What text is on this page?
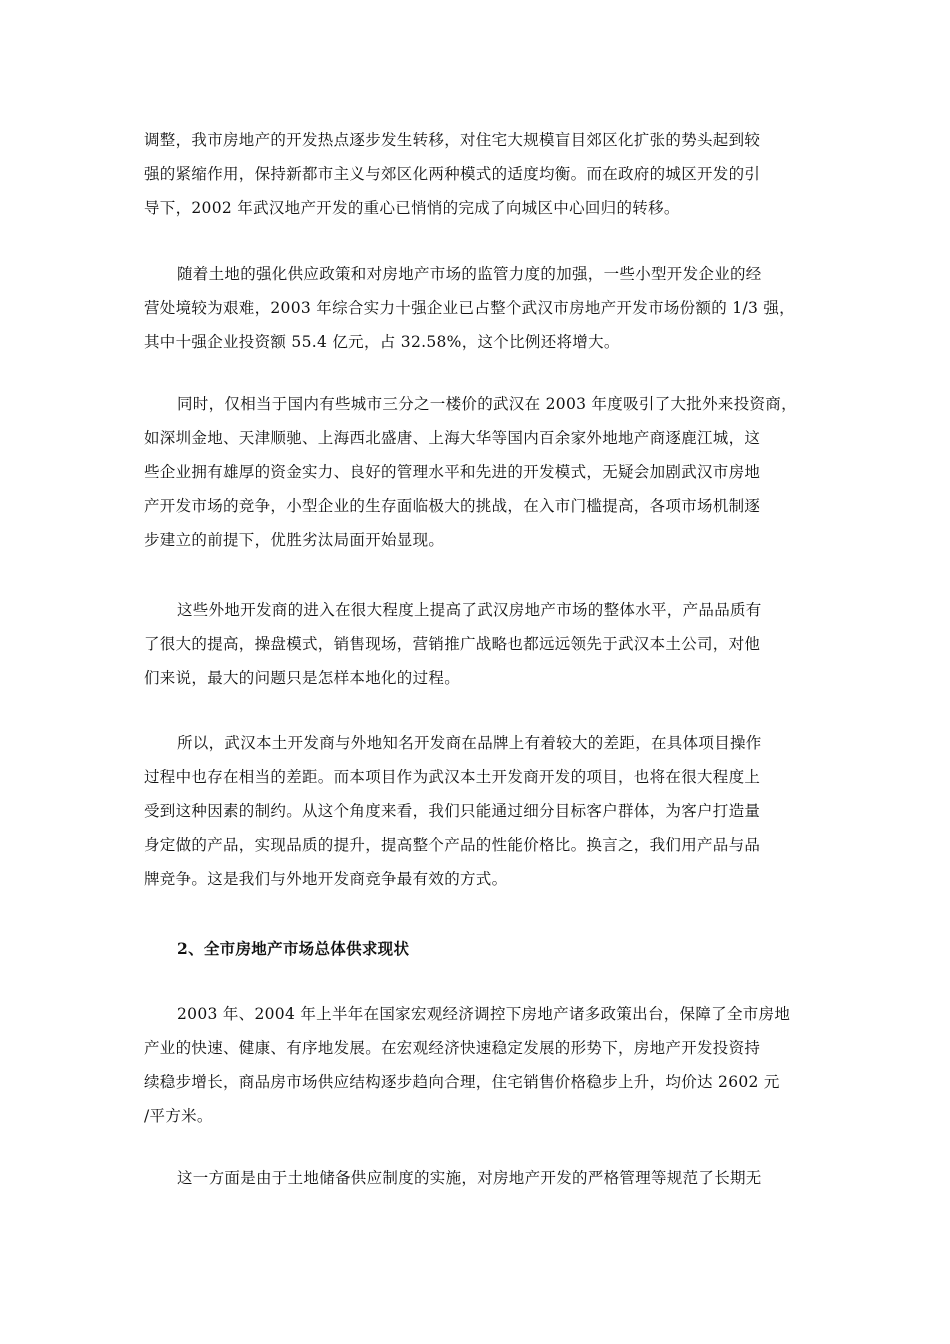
调整，我市房地产的开发热点逐步发生转移，对住宅大规模盲目郊区化扩张的势头起到较
强的紧缩作用，保持新都市主义与郊区化两种模式的适度均衡。而在政府的城区开发的引
导下，2002 年武汉地产开发的重心已悄悄的完成了向城区中心回归的转移。
随着土地的强化供应政策和对房地产市场的监管力度的加强，一些小型开发企业的经
营处境较为艰难，2003 年综合实力十强企业已占整个武汉市房地产开发市场份额的 1/3 强，
其中十强企业投资额 55.4 亿元，占 32.58%，这个比例还将增大。
同时，仅相当于国内有些城市三分之一楼价的武汉在 2003 年度吸引了大批外来投资商，
如深圳金地、天津顺驰、上海西北盛唐、上海大华等国内百余家外地地产商逐鹿江城，这
些企业拥有雄厚的资金实力、良好的管理水平和先进的开发模式，无疑会加剧武汉市房地
产开发市场的竞争，小型企业的生存面临极大的挑战，在入市门槛提高，各项市场机制逐
步建立的前提下，优胜劣汰局面开始显现。
这些外地开发商的进入在很大程度上提高了武汉房地产市场的整体水平，产品品质有
了很大的提高，操盘模式，销售现场，营销推广战略也都远远领先于武汉本土公司，对他
们来说，最大的问题只是怎样本地化的过程。
所以，武汉本土开发商与外地知名开发商在品牌上有着较大的差距，在具体项目操作
过程中也存在相当的差距。而本项目作为武汉本土开发商开发的项目，也将在很大程度上
受到这种因素的制约。从这个角度来看，我们只能通过细分目标客户群体，为客户打造量
身定做的产品，实现品质的提升，提高整个产品的性能价格比。换言之，我们用产品与品
牌竞争。这是我们与外地开发商竞争最有效的方式。
2、全市房地产市场总体供求现状
2003 年、2004 年上半年在国家宏观经济调控下房地产诸多政策出台，保障了全市房地
产业的快速、健康、有序地发展。在宏观经济快速稳定发展的形势下，房地产开发投资持
续稳步增长，商品房市场供应结构逐步趋向合理，住宅销售价格稳步上升，均价达 2602 元
/平方米。
这一方面是由于土地储备供应制度的实施，对房地产开发的严格管理等规范了长期无
